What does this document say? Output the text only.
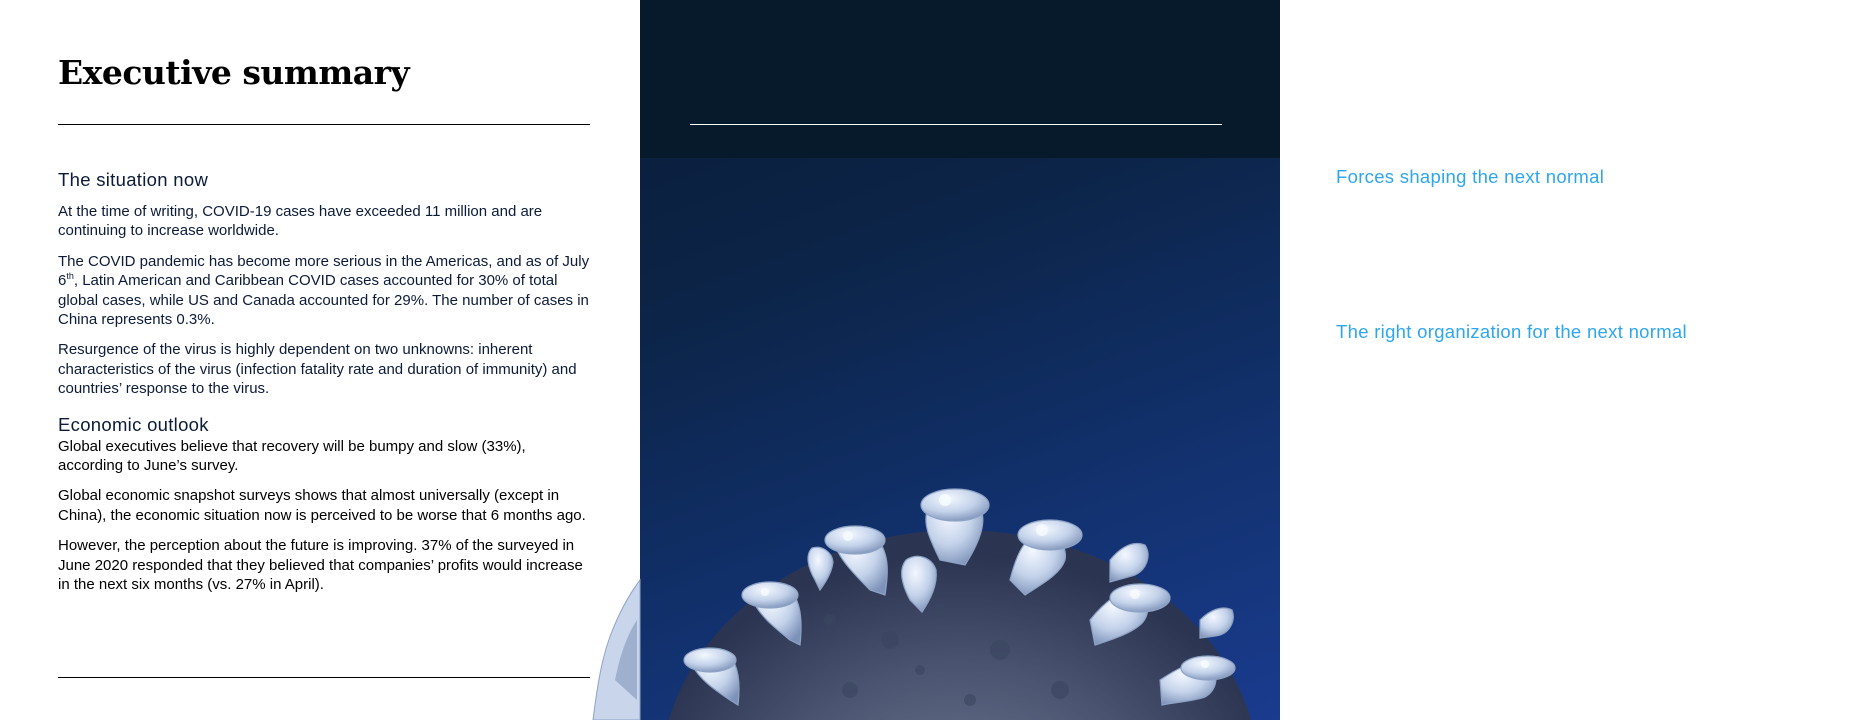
Executive summary
The situation now

At the time of writing, COVID-19 cases have exceeded 11 million and are continuing to increase worldwide.

The COVID pandemic has become more serious in the Americas, and as of July 6th, Latin American and Caribbean COVID cases accounted for 30% of total global cases, while US and Canada accounted for 29%. The number of cases in China represents 0.3%.

Resurgence of the virus is highly dependent on two unknowns: inherent characteristics of the virus (infection fatality rate and duration of immunity) and countries’ response to the virus.

Economic outlook

Global executives believe that recovery will be bumpy and slow (33%), according to June’s survey.

Global economic snapshot surveys shows that almost universally (except in China), the economic situation now is perceived to be worse that 6 months ago.

However, the perception about the future is improving. 37% of the surveyed in June 2020 responded that they believed that companies’ profits would increase in the next six months (vs. 27% in April).

Forces shaping the next normal

The five forces shaping the next normal are: metamorphosis of demand, altered workforce, changes in resiliency expectations, regulatory uncertainty and evolution of the virus.

It is vital for companies to understand and explicitly address these forces in order to navigate the next normal effectively.

The right organization for the next normal

Success is possible – for example, a manufacturing company was able to function at 90% of capacity with 40% of the personnel.

Other organizations can also be successful by adapting fast to the new circumstances. Key practices are: rewire ways of working, reimagine organizational structure, readapt talent.
